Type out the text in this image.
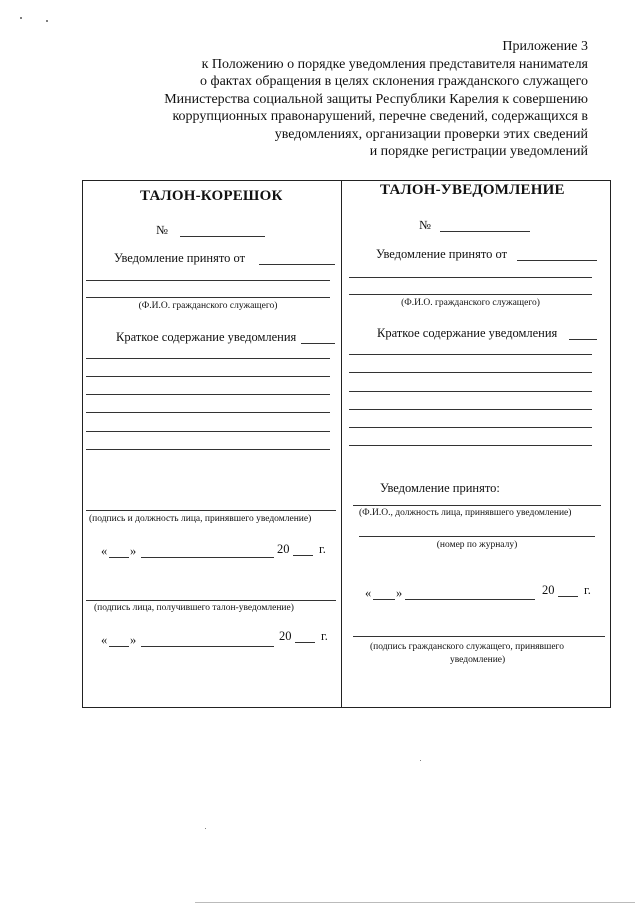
Приложение 3
к Положению о порядке уведомления представителя нанимателя
о фактах обращения в целях склонения гражданского служащего
Министерства социальной защиты Республики Карелия к совершению
коррупционных правонарушений, перечне сведений, содержащихся в
уведомлениях, организации проверки этих сведений
и порядке регистрации уведомлений
ТАЛОН-КОРЕШОК
№
Уведомление принято от
(Ф.И.О. гражданского служащего)
Краткое содержание уведомления
(подпись и должность лица, принявшего уведомление)
« »	20 г.
(подпись лица, получившего талон-уведомление)
« »	20 г.
ТАЛОН-УВЕДОМЛЕНИЕ
№
Уведомление принято от
(Ф.И.О. гражданского служащего)
Краткое содержание уведомления
Уведомление принято:
(Ф.И.О., должность лица, принявшего уведомление)
(номер по журналу)
« »	20 г.
(подпись гражданского служащего, принявшего
уведомление)
